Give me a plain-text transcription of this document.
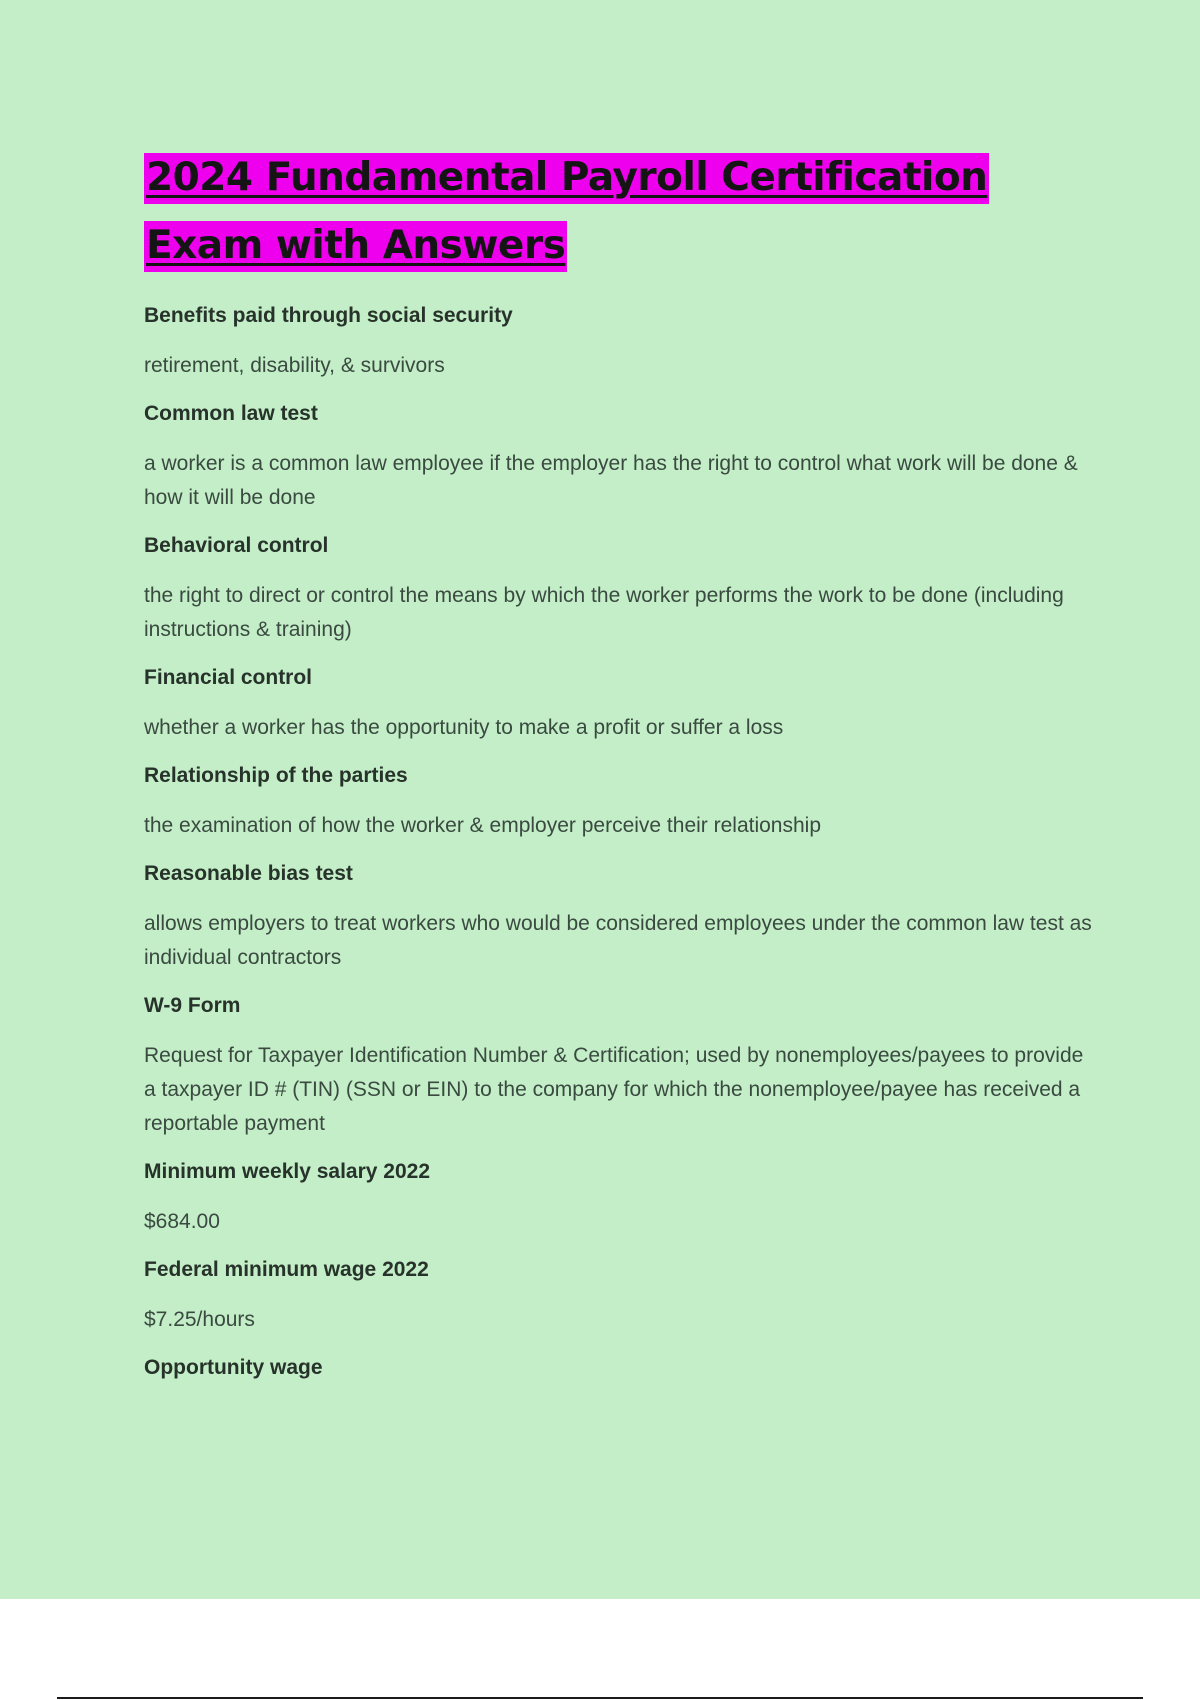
2024 Fundamental Payroll Certification
Exam with Answers
Benefits paid through social security
retirement, disability, & survivors
Common law test
a worker is a common law employee if the employer has the right to control what work will be done & how it will be done
Behavioral control
the right to direct or control the means by which the worker performs the work to be done (including instructions & training)
Financial control
whether a worker has the opportunity to make a profit or suffer a loss
Relationship of the parties
the examination of how the worker & employer perceive their relationship
Reasonable bias test
allows employers to treat workers who would be considered employees under the common law test as individual contractors
W-9 Form
Request for Taxpayer Identification Number & Certification; used by nonemployees/payees to provide a taxpayer ID # (TIN) (SSN or EIN) to the company for which the nonemployee/payee has received a reportable payment
Minimum weekly salary 2022
$684.00
Federal minimum wage 2022
$7.25/hours
Opportunity wage
